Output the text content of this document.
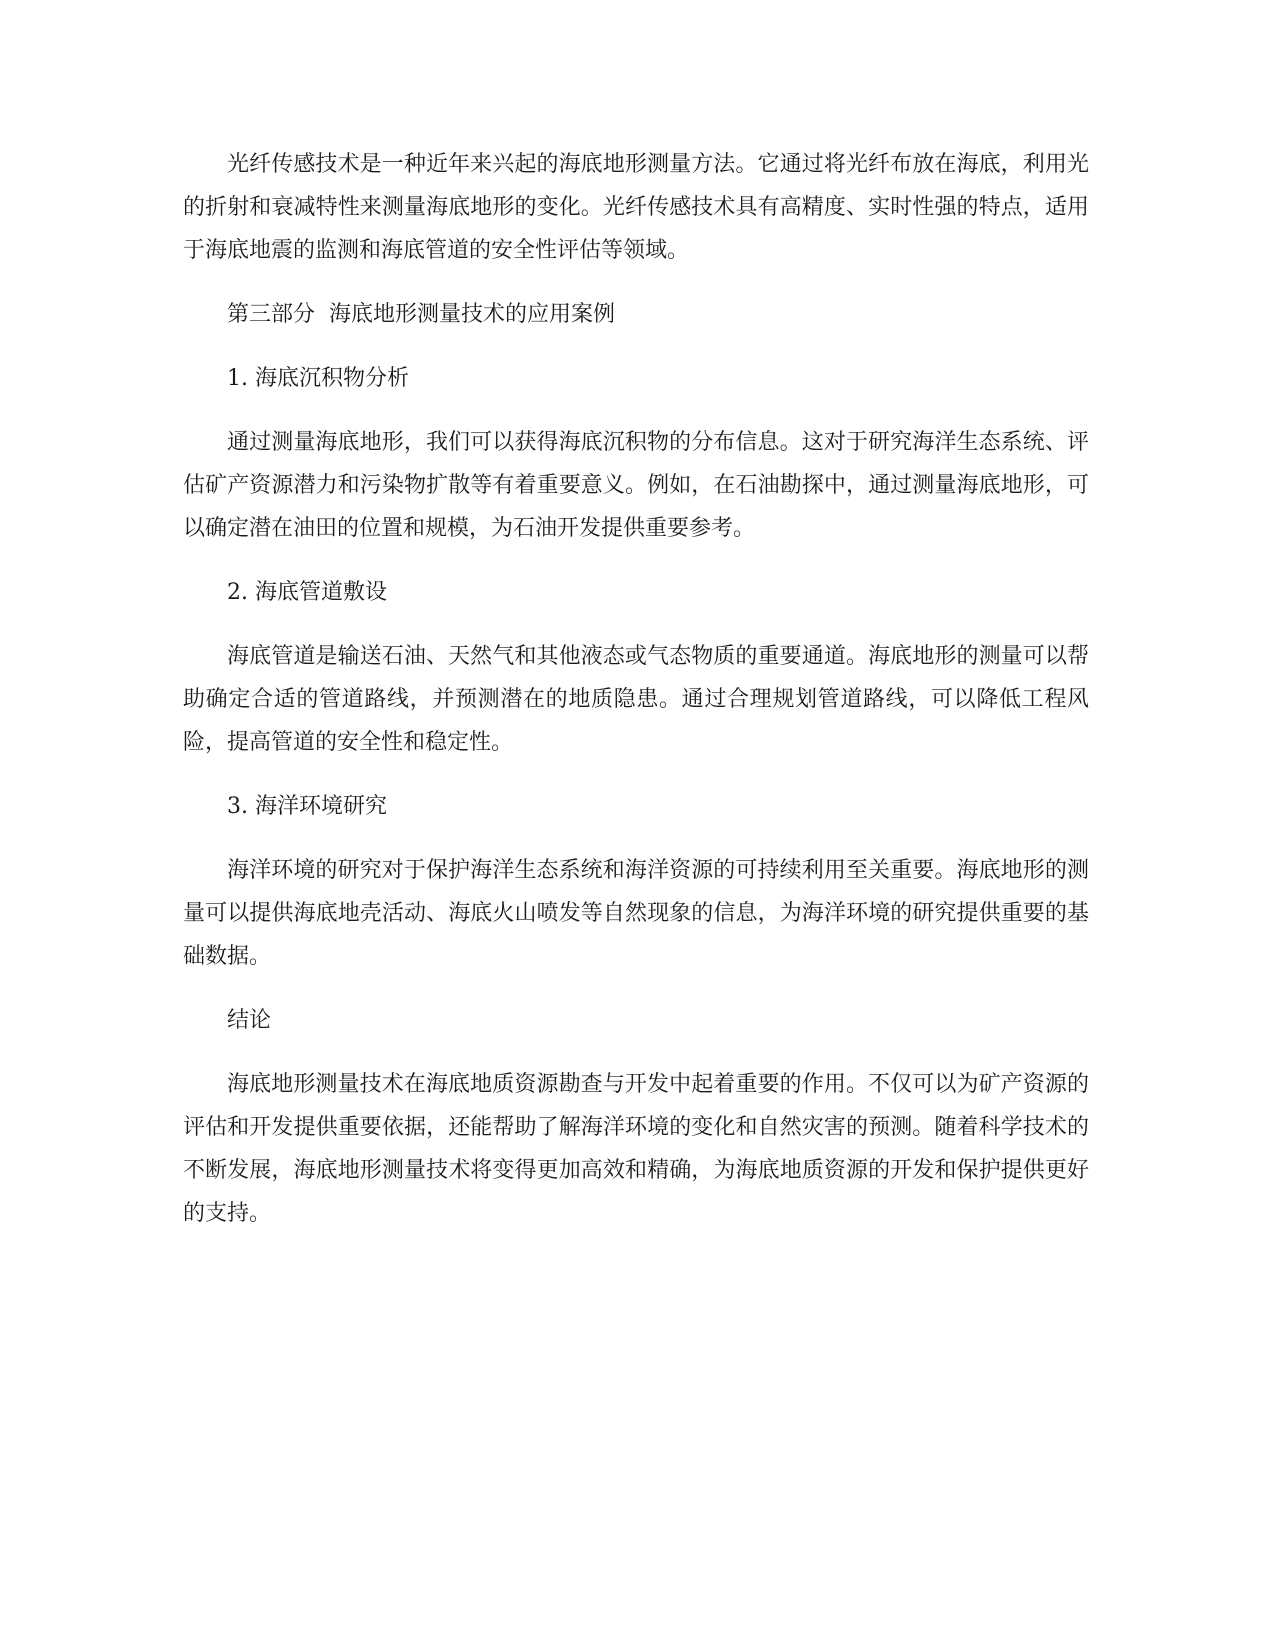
光纤传感技术是一种近年来兴起的海底地形测量方法。它通过将光纤布放在海底，利用光的折射和衰减特性来测量海底地形的变化。光纤传感技术具有高精度、实时性强的特点，适用于海底地震的监测和海底管道的安全性评估等领域。

第三部分  海底地形测量技术的应用案例

1. 海底沉积物分析

通过测量海底地形，我们可以获得海底沉积物的分布信息。这对于研究海洋生态系统、评估矿产资源潜力和污染物扩散等有着重要意义。例如，在石油勘探中，通过测量海底地形，可以确定潜在油田的位置和规模，为石油开发提供重要参考。

2. 海底管道敷设

海底管道是输送石油、天然气和其他液态或气态物质的重要通道。海底地形的测量可以帮助确定合适的管道路线，并预测潜在的地质隐患。通过合理规划管道路线，可以降低工程风险，提高管道的安全性和稳定性。

3. 海洋环境研究

海洋环境的研究对于保护海洋生态系统和海洋资源的可持续利用至关重要。海底地形的测量可以提供海底地壳活动、海底火山喷发等自然现象的信息，为海洋环境的研究提供重要的基础数据。

结论

海底地形测量技术在海底地质资源勘查与开发中起着重要的作用。不仅可以为矿产资源的评估和开发提供重要依据，还能帮助了解海洋环境的变化和自然灾害的预测。随着科学技术的不断发展，海底地形测量技术将变得更加高效和精确，为海底地质资源的开发和保护提供更好的支持。
